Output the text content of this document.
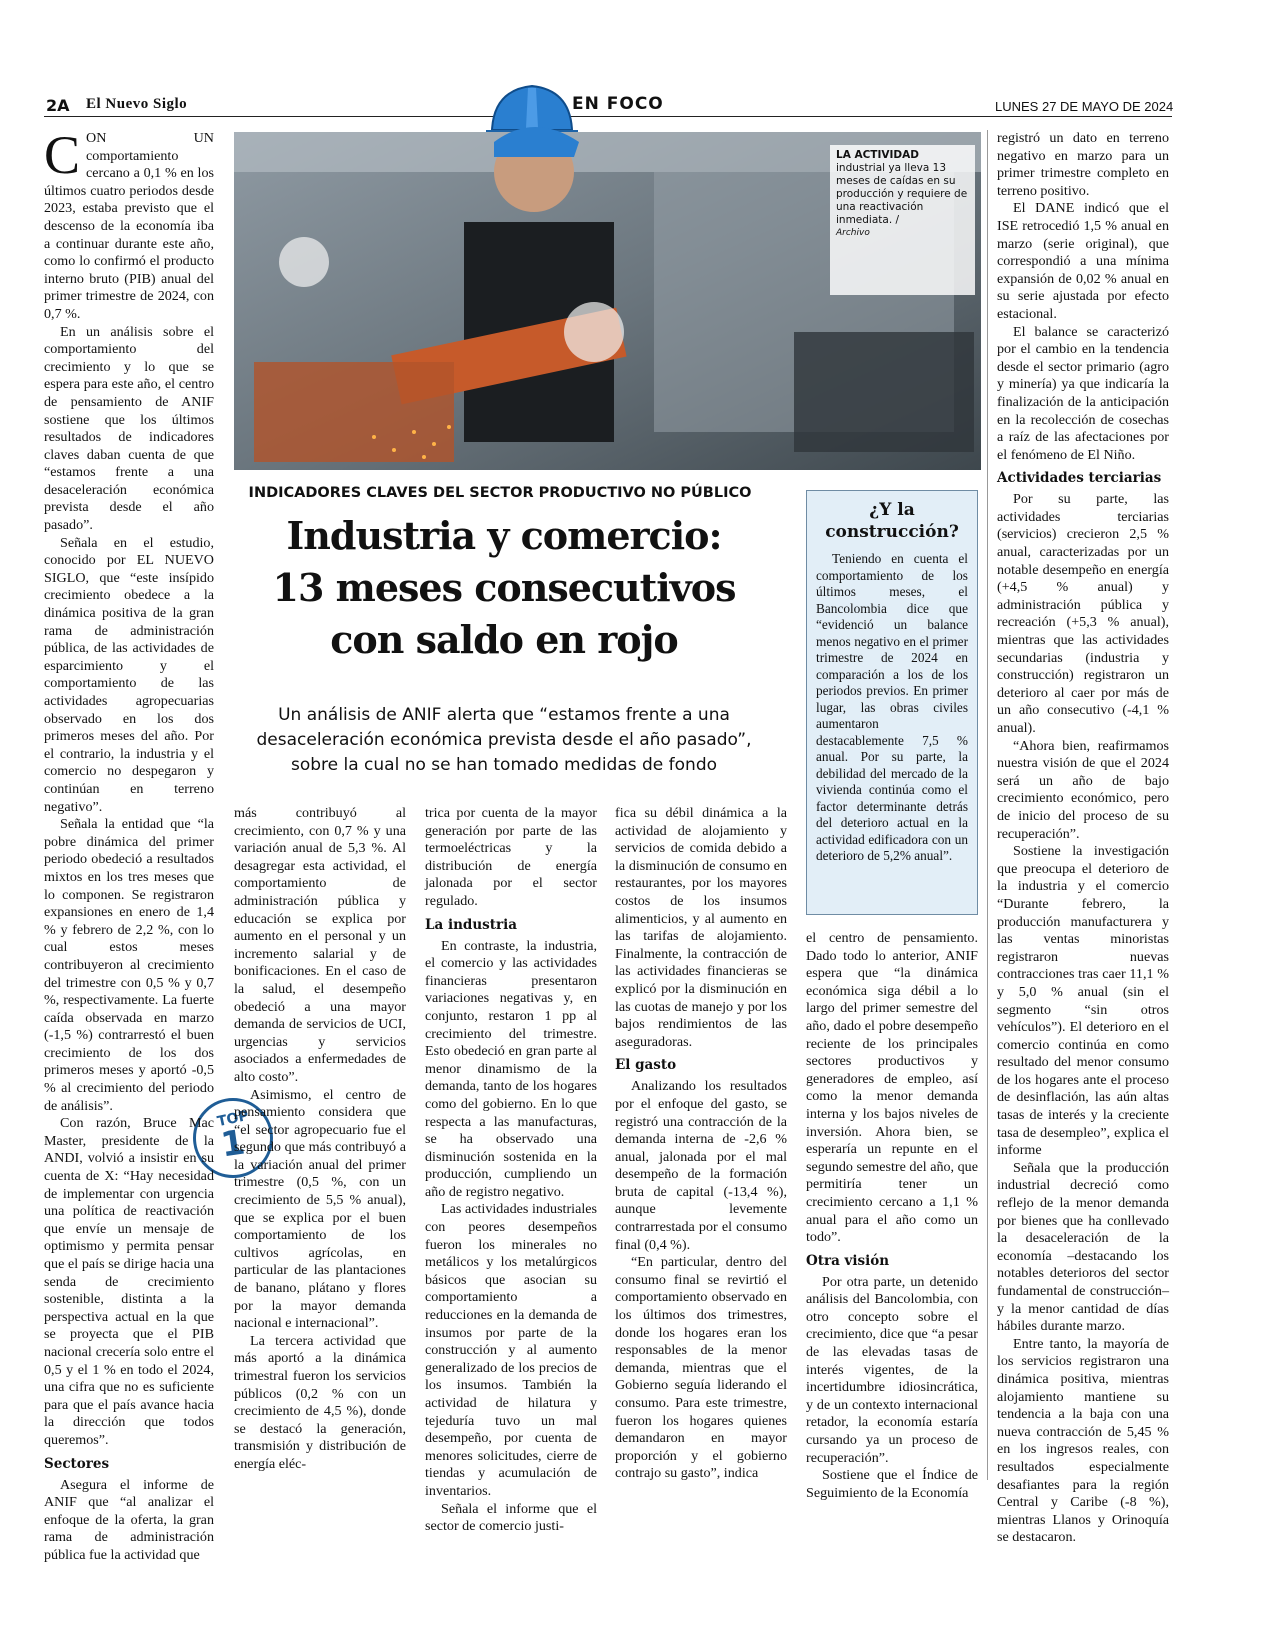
2A El Nuevo Siglo	EN FOCO	LUNES 27 DE MAYO DE 2024
LA ACTIVIDAD
industrial ya lleva 13 meses de caídas en su producción y requiere de una reactivación inmediata. /
Archivo
INDICADORES CLAVES DEL SECTOR PRODUCTIVO NO PÚBLICO
Industria y comercio:
13 meses consecutivos
con saldo en rojo
Un análisis de ANIF alerta que “estamos frente a una
desaceleración económica prevista desde el año pasado”,
sobre la cual no se han tomado medidas de fondo
¿Y la
construcción?

Teniendo en cuenta el comportamiento de los últimos meses, el Bancolombia dice que “evidenció un balance menos negativo en el primer trimestre de 2024 en comparación a los de los periodos previos. En primer lugar, las obras civiles aumentaron destacablemente 7,5 % anual. Por su parte, la debilidad del mercado de la vivienda continúa como el factor determinante detrás del deterioro actual en la actividad edificadora con un deterioro de 5,2% anual”.

TOP
1

CON UN comportamiento cercano a 0,1 % en los últimos cuatro periodos desde 2023, estaba previsto que el descenso de la economía iba a continuar durante este año, como lo confirmó el producto interno bruto (PIB) anual del primer trimestre de 2024, con 0,7 %.

En un análisis sobre el comportamiento del crecimiento y lo que se espera para este año, el centro de pensamiento de ANIF sostiene que los últimos resultados de indicadores claves daban cuenta de que “estamos frente a una desaceleración económica prevista desde el año pasado”.

Señala en el estudio, conocido por EL NUEVO SIGLO, que “este insípido crecimiento obedece a la dinámica positiva de la gran rama de administración pública, de las actividades de esparcimiento y el comportamiento de las actividades agropecuarias observado en los dos primeros meses del año. Por el contrario, la industria y el comercio no despegaron y continúan en terreno negativo”.

Señala la entidad que “la pobre dinámica del primer periodo obedeció a resultados mixtos en los tres meses que lo componen. Se registraron expansiones en enero de 1,4 % y febrero de 2,2 %, con lo cual estos meses contribuyeron al crecimiento del trimestre con 0,5 % y 0,7 %, respectivamente. La fuerte caída observada en marzo (-1,5 %) contrarrestó el buen crecimiento de los dos primeros meses y aportó -0,5 % al crecimiento del periodo de análisis”.

Con razón, Bruce Mac Master, presidente de la ANDI, volvió a insistir en su cuenta de X: “Hay necesidad de implementar con urgencia una política de reactivación que envíe un mensaje de optimismo y permita pensar que el país se dirige hacia una senda de crecimiento sostenible, distinta a la perspectiva actual en la que se proyecta que el PIB nacional crecería solo entre el 0,5 y el 1 % en todo el 2024, una cifra que no es suficiente para que el país avance hacia la dirección que todos queremos”.

Sectores

Asegura el informe de ANIF que “al analizar el enfoque de la oferta, la gran rama de administración pública fue la actividad que

más contribuyó al crecimiento, con 0,7 % y una variación anual de 5,3 %. Al desagregar esta actividad, el comportamiento de administración pública y educación se explica por aumento en el personal y un incremento salarial y de bonificaciones. En el caso de la salud, el desempeño obedeció a una mayor demanda de servicios de UCI, urgencias y servicios asociados a enfermedades de alto costo”.

Asimismo, el centro de pensamiento considera que “el sector agropecuario fue el segundo que más contribuyó a la variación anual del primer trimestre (0,5 %, con un crecimiento de 5,5 % anual), que se explica por el buen comportamiento de los cultivos agrícolas, en particular de las plantaciones de banano, plátano y flores por la mayor demanda nacional e internacional”.

La tercera actividad que más aportó a la dinámica trimestral fueron los servicios públicos (0,2 % con un crecimiento de 4,5 %), donde se destacó la generación, transmisión y distribución de energía eléc-

trica por cuenta de la mayor generación por parte de las termoeléctricas y la distribución de energía jalonada por el sector regulado.

La industria

En contraste, la industria, el comercio y las actividades financieras presentaron variaciones negativas y, en conjunto, restaron 1 pp al crecimiento del trimestre. Esto obedeció en gran parte al menor dinamismo de la demanda, tanto de los hogares como del gobierno. En lo que respecta a las manufacturas, se ha observado una disminución sostenida en la producción, cumpliendo un año de registro negativo.

Las actividades industriales con peores desempeños fueron los minerales no metálicos y los metalúrgicos básicos que asocian su comportamiento a reducciones en la demanda de insumos por parte de la construcción y al aumento generalizado de los precios de los insumos. También la actividad de hilatura y tejeduría tuvo un mal desempeño, por cuenta de menores solicitudes, cierre de tiendas y acumulación de inventarios.

Señala el informe que el sector de comercio justi-

fica su débil dinámica a la actividad de alojamiento y servicios de comida debido a la disminución de consumo en restaurantes, por los mayores costos de los insumos alimenticios, y al aumento en las tarifas de alojamiento. Finalmente, la contracción de las actividades financieras se explicó por la disminución en las cuotas de manejo y por los bajos rendimientos de las aseguradoras.

El gasto

Analizando los resultados por el enfoque del gasto, se registró una contracción de la demanda interna de -2,6 % anual, jalonada por el mal desempeño de la formación bruta de capital (-13,4 %), aunque levemente contrarrestada por el consumo final (0,4 %).

“En particular, dentro del consumo final se revirtió el comportamiento observado en los últimos dos trimestres, donde los hogares eran los responsables de la menor demanda, mientras que el Gobierno seguía liderando el consumo. Para este trimestre, fueron los hogares quienes demandaron en mayor proporción y el gobierno contrajo su gasto”, indica

el centro de pensamiento. Dado todo lo anterior, ANIF espera que “la dinámica económica siga débil a lo largo del primer semestre del año, dado el pobre desempeño reciente de los principales sectores productivos y generadores de empleo, así como la menor demanda interna y los bajos niveles de inversión. Ahora bien, se esperaría un repunte en el segundo semestre del año, que permitiría tener un crecimiento cercano a 1,1 % anual para el año como un todo”.

Otra visión

Por otra parte, un detenido análisis del Bancolombia, con otro concepto sobre el crecimiento, dice que “a pesar de las elevadas tasas de interés vigentes, de la incertidumbre idiosincrática, y de un contexto internacional retador, la economía estaría cursando ya un proceso de recuperación”.

Sostiene que el Índice de Seguimiento de la Economía

registró un dato en terreno negativo en marzo para un primer trimestre completo en terreno positivo.

El DANE indicó que el ISE retrocedió 1,5 % anual en marzo (serie original), que correspondió a una mínima expansión de 0,02 % anual en su serie ajustada por efecto estacional.

El balance se caracterizó por el cambio en la tendencia desde el sector primario (agro y minería) ya que indicaría la finalización de la anticipación en la recolección de cosechas a raíz de las afectaciones por el fenómeno de El Niño.

Actividades terciarias

Por su parte, las actividades terciarias (servicios) crecieron 2,5 % anual, caracterizadas por un notable desempeño en energía (+4,5 % anual) y administración pública y recreación (+5,3 % anual), mientras que las actividades secundarias (industria y construcción) registraron un deterioro al caer por más de un año consecutivo (-4,1 % anual).

“Ahora bien, reafirmamos nuestra visión de que el 2024 será un año de bajo crecimiento económico, pero de inicio del proceso de su recuperación”.

Sostiene la investigación que preocupa el deterioro de la industria y el comercio “Durante febrero, la producción manufacturera y las ventas minoristas registraron nuevas contracciones tras caer 11,1 % y 5,0 % anual (sin el segmento “sin otros vehículos”). El deterioro en el comercio continúa en como resultado del menor consumo de los hogares ante el proceso de desinflación, las aún altas tasas de interés y la creciente tasa de desempleo”, explica el informe

Señala que la producción industrial decreció como reflejo de la menor demanda por bienes que ha conllevado la desaceleración de la economía –destacando los notables deterioros del sector fundamental de construcción– y la menor cantidad de días hábiles durante marzo.

Entre tanto, la mayoría de los servicios registraron una dinámica positiva, mientras alojamiento mantiene su tendencia a la baja con una nueva contracción de 5,45 % en los ingresos reales, con resultados especialmente desafiantes para la región Central y Caribe (-8 %), mientras Llanos y Orinoquía se destacaron.
